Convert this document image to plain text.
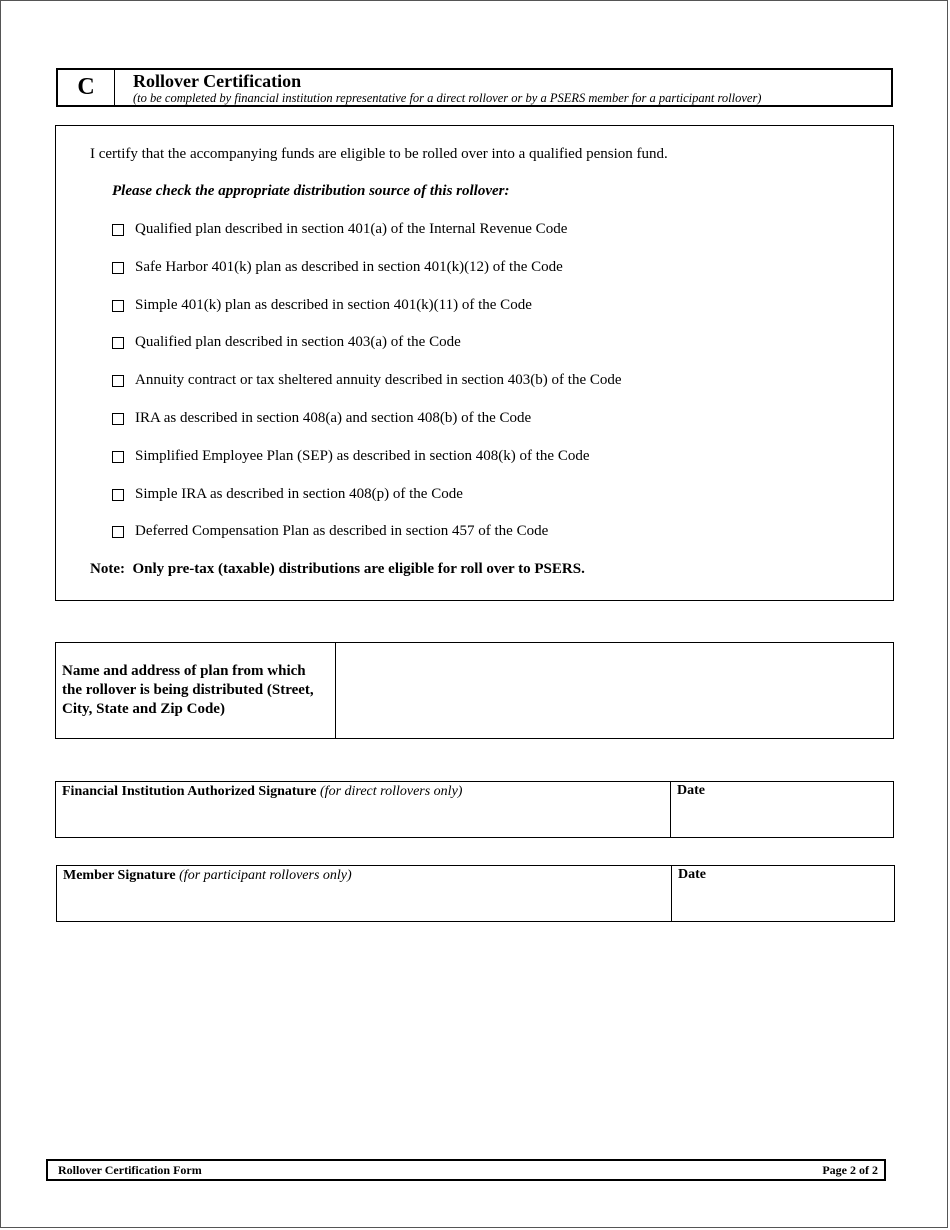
C	Rollover Certification
(to be completed by financial institution representative for a direct rollover or by a PSERS member for a participant rollover)
I certify that the accompanying funds are eligible to be rolled over into a qualified pension fund.
Please check the appropriate distribution source of this rollover:
Qualified plan described in section 401(a) of the Internal Revenue Code
Safe Harbor 401(k) plan as described in section 401(k)(12) of the Code
Simple 401(k) plan as described in section 401(k)(11) of the Code
Qualified plan described in section 403(a) of the Code
Annuity contract or tax sheltered annuity described in section 403(b) of the Code
IRA as described in section 408(a) and section 408(b) of the Code
Simplified Employee Plan (SEP) as described in section 408(k) of the Code
Simple IRA as described in section 408(p) of the Code
Deferred Compensation Plan as described in section 457 of the Code
Note:  Only pre-tax (taxable) distributions are eligible for roll over to PSERS.
Name and address of plan from which the rollover is being distributed (Street, City, State and Zip Code)
Financial Institution Authorized Signature (for direct rollovers only)	Date
Member Signature (for participant rollovers only)	Date
Rollover Certification Form	Page 2 of 2
